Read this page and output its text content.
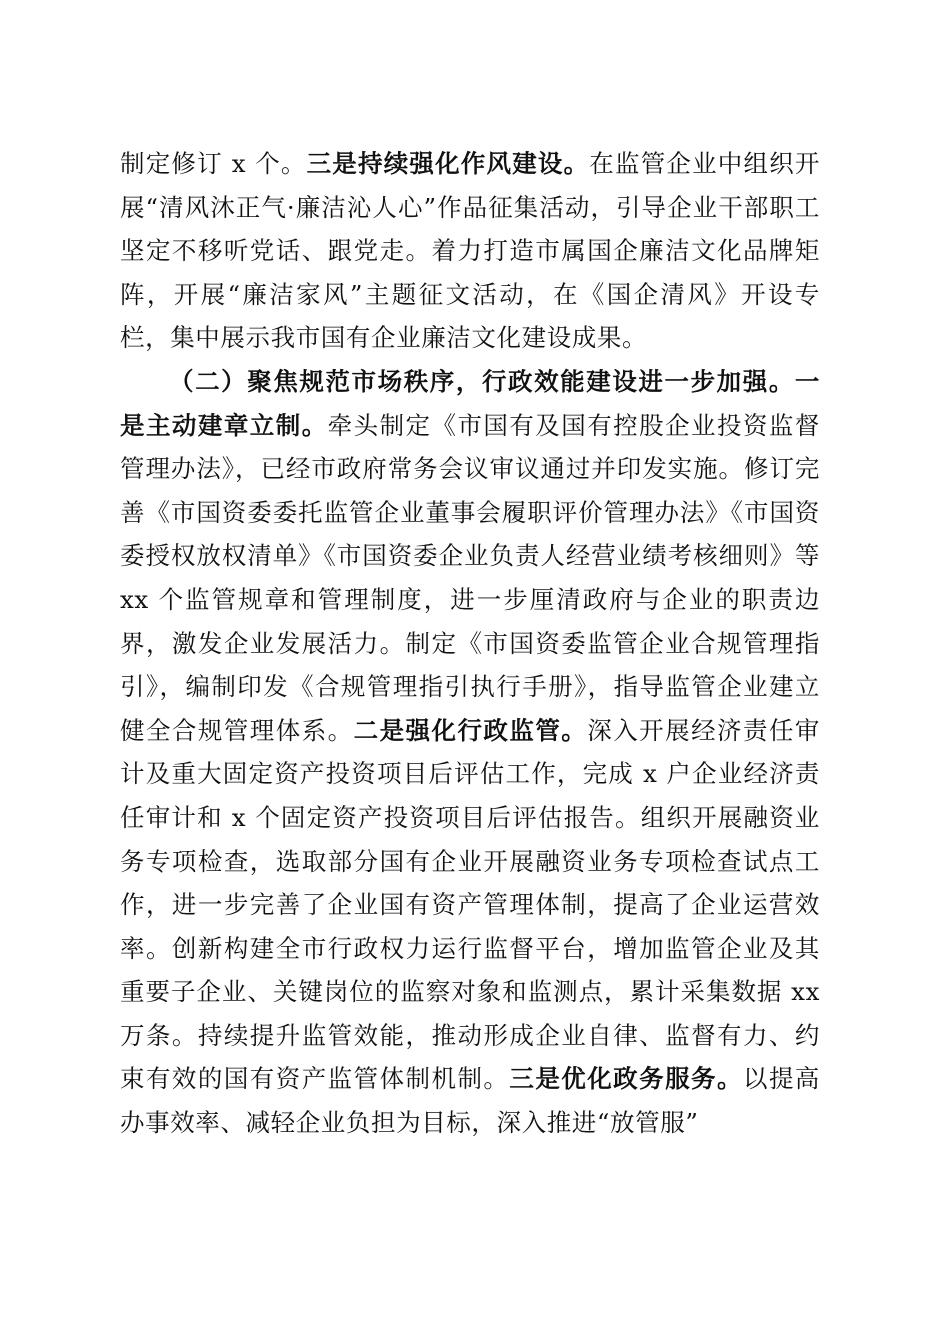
制定修订 x 个。三是持续强化作风建设。在监管企业中组织开展“清风沐正气·廉洁沁人心”作品征集活动，引导企业干部职工坚定不移听党话、跟党走。着力打造市属国企廉洁文化品牌矩阵，开展“廉洁家风”主题征文活动，在《国企清风》开设专栏，集中展示我市国有企业廉洁文化建设成果。

（二）聚焦规范市场秩序，行政效能建设进一步加强。一是主动建章立制。牵头制定《市国有及国有控股企业投资监督管理办法》，已经市政府常务会议审议通过并印发实施。修订完善《市国资委委托监管企业董事会履职评价管理办法》《市国资委授权放权清单》《市国资委企业负责人经营业绩考核细则》等 xx 个监管规章和管理制度，进一步厘清政府与企业的职责边界，激发企业发展活力。制定《市国资委监管企业合规管理指引》，编制印发《合规管理指引执行手册》，指导监管企业建立健全合规管理体系。二是强化行政监管。深入开展经济责任审计及重大固定资产投资项目后评估工作，完成 x 户企业经济责任审计和 x 个固定资产投资项目后评估报告。组织开展融资业务专项检查，选取部分国有企业开展融资业务专项检查试点工作，进一步完善了企业国有资产管理体制，提高了企业运营效率。创新构建全市行政权力运行监督平台，增加监管企业及其重要子企业、关键岗位的监察对象和监测点，累计采集数据 xx 万条。持续提升监管效能，推动形成企业自律、监督有力、约束有效的国有资产监管体制机制。三是优化政务服务。以提高办事效率、减轻企业负担为目标，深入推进“放管服”
